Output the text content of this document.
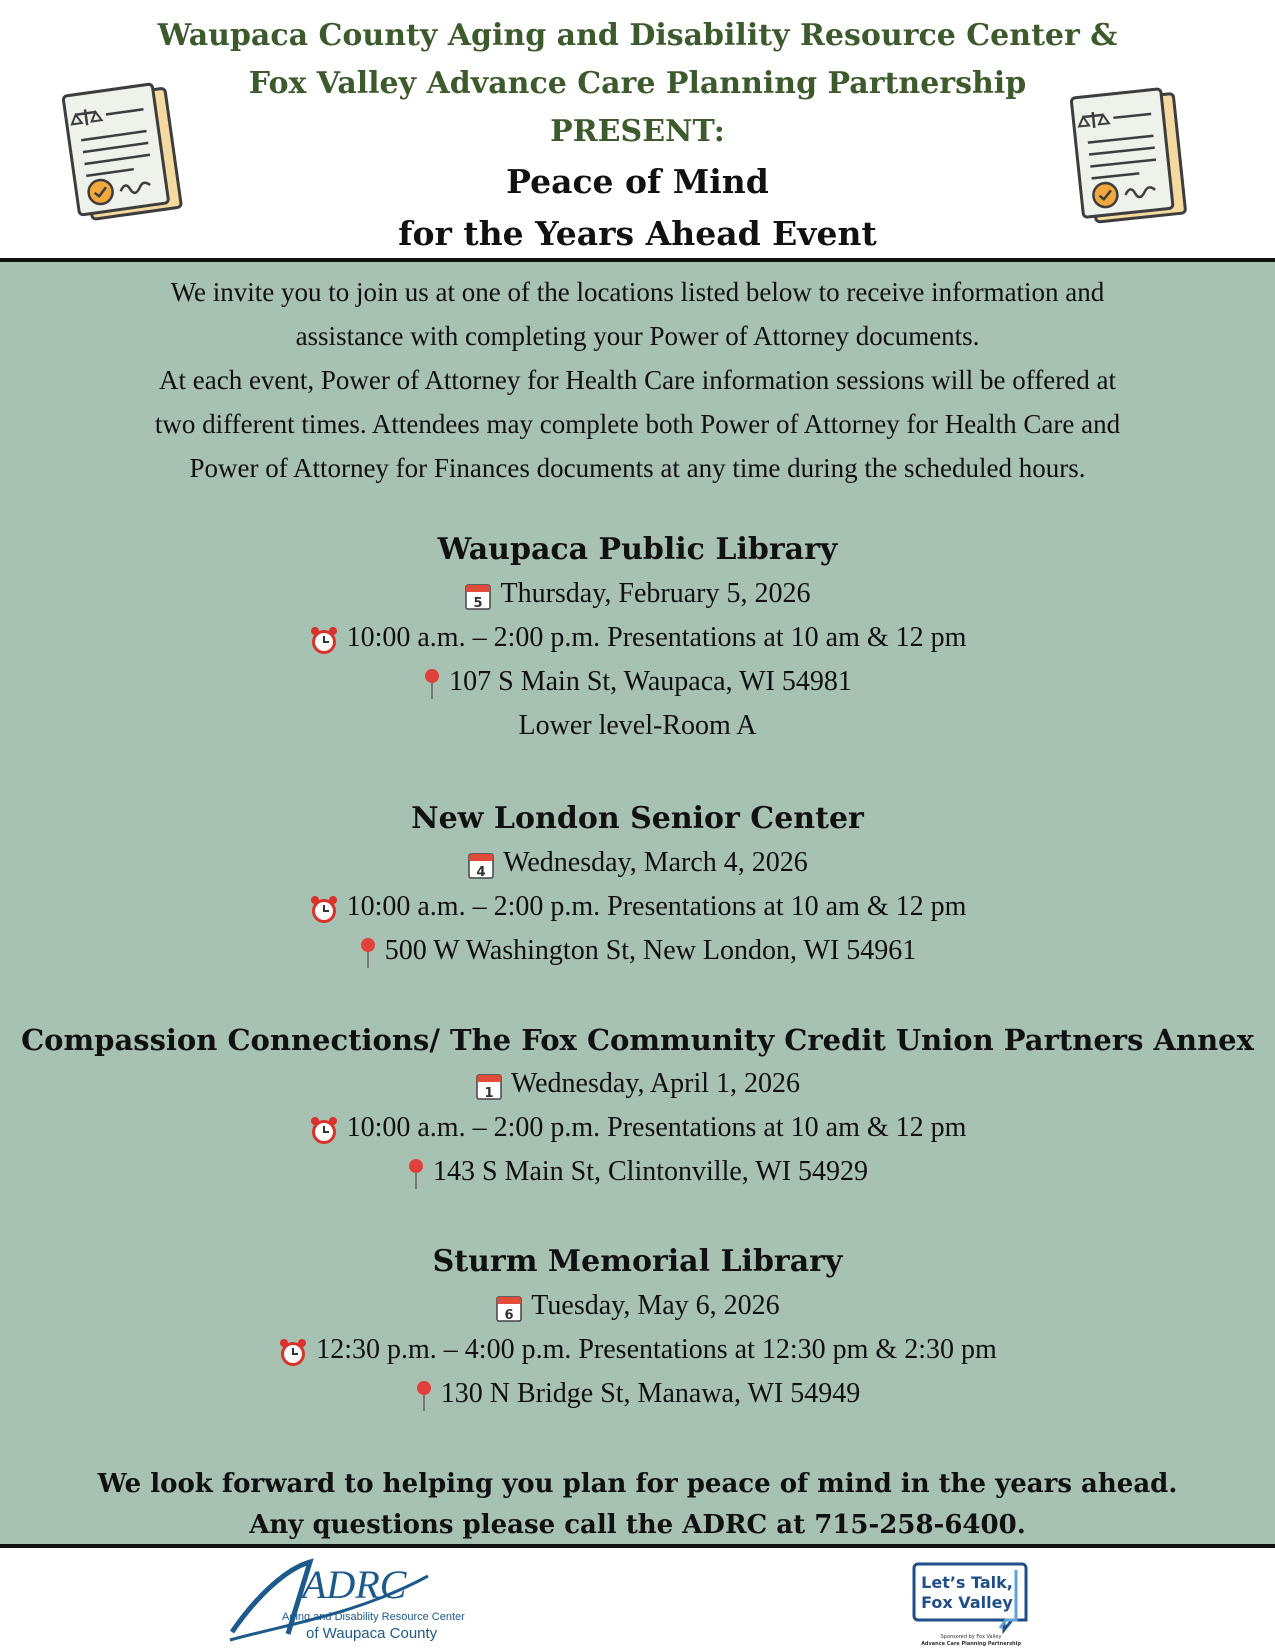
Waupaca County Aging and Disability Resource Center &
Fox Valley Advance Care Planning Partnership
PRESENT:
Peace of Mind
for the Years Ahead Event
We invite you to join us at one of the locations listed below to receive information and
assistance with completing your Power of Attorney documents.
At each event, Power of Attorney for Health Care information sessions will be offered at
two different times. Attendees may complete both Power of Attorney for Health Care and
Power of Attorney for Finances documents at any time during the scheduled hours.
Waupaca Public Library
5 Thursday, February 5, 2026
10:00 a.m. – 2:00 p.m. Presentations at 10 am & 12 pm
107 S Main St, Waupaca, WI 54981
Lower level-Room A
New London Senior Center
4 Wednesday, March 4, 2026
10:00 a.m. – 2:00 p.m. Presentations at 10 am & 12 pm
500 W Washington St, New London, WI 54961
Compassion Connections/ The Fox Community Credit Union Partners Annex
1 Wednesday, April 1, 2026
10:00 a.m. – 2:00 p.m. Presentations at 10 am & 12 pm
143 S Main St, Clintonville, WI 54929
Sturm Memorial Library
6 Tuesday, May 6, 2026
12:30 p.m. – 4:00 p.m. Presentations at 12:30 pm & 2:30 pm
130 N Bridge St, Manawa, WI 54949
We look forward to helping you plan for peace of mind in the years ahead.
Any questions please call the ADRC at 715-258-6400.
ADRC
Aging and Disability Resource Center
of Waupaca County
Let’s Talk,
Fox Valley
Sponsored by Fox Valley
Advance Care Planning Partnership
